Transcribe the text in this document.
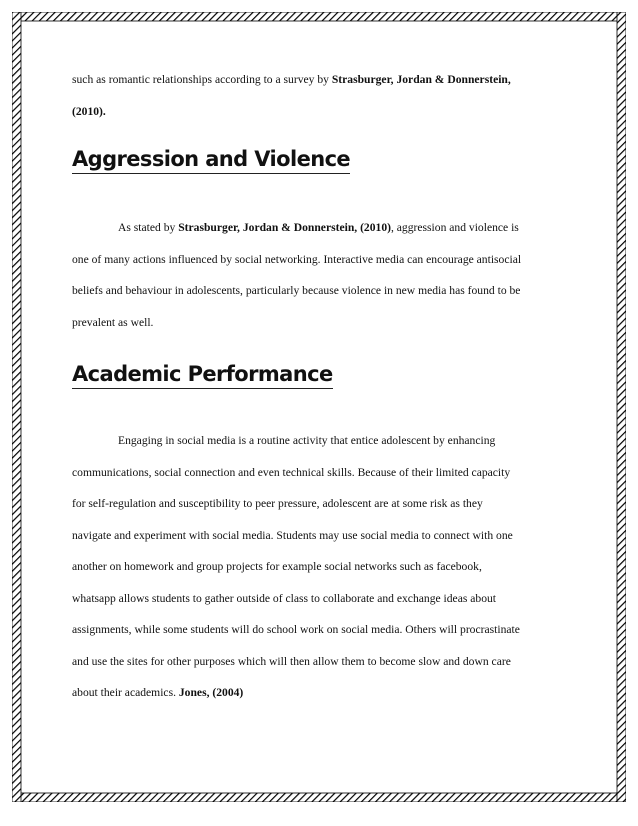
such as romantic relationships according to a survey by Strasburger, Jordan & Donnerstein,
(2010).

Aggression and Violence

As stated by Strasburger, Jordan & Donnerstein, (2010), aggression and violence is
one of many actions influenced by social networking. Interactive media can encourage antisocial
beliefs and behaviour in adolescents, particularly because violence in new media has found to be
prevalent as well.

Academic Performance

Engaging in social media is a routine activity that entice adolescent by enhancing
communications, social connection and even technical skills. Because of their limited capacity
for self-regulation and susceptibility to peer pressure, adolescent are at some risk as they
navigate and experiment with social media. Students may use social media to connect with one
another on homework and group projects for example social networks such as facebook,
whatsapp allows students to gather outside of class to collaborate and exchange ideas about
assignments, while some students will do school work on social media. Others will procrastinate
and use the sites for other purposes which will then allow them to become slow and down care
about their academics. Jones, (2004)
